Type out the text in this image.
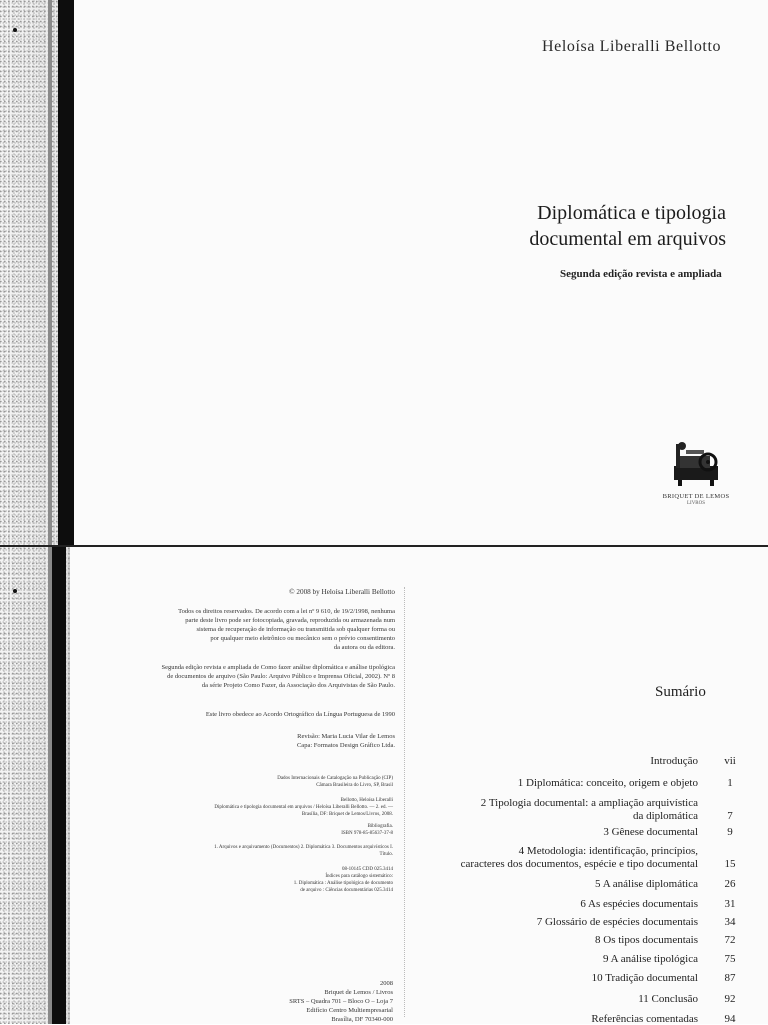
Heloísa Liberalli Bellotto
Diplomática e tipologia
documental em arquivos
Segunda edição revista e ampliada
BRIQUET DE LEMOS
LIVROS
© 2008 by Heloísa Liberalli Bellotto
Todos os direitos reservados. De acordo com a lei nº 9 610, de 19/2/1998, nenhuma
parte deste livro pode ser fotocopiada, gravada, reproduzida ou armazenada num
sistema de recuperação de informação ou transmitida sob qualquer forma ou
por qualquer meio eletrônico ou mecânico sem o prévio consentimento
da autora ou da editora.
Segunda edição revista e ampliada de Como fazer análise diplomática e análise tipológica
de documentos de arquivo (São Paulo: Arquivo Público e Imprensa Oficial, 2002). Nº 8
da série Projeto Como Fazer, da Associação dos Arquivistas de São Paulo.
Este livro obedece ao Acordo Ortográfico da Língua Portuguesa de 1990
Revisão: Maria Lucia Vilar de Lemos
Capa: Formatos Design Gráfico Ltda.
Dados Internacionais de Catalogação na Publicação (CIP)
Câmara Brasileira do Livro, SP, Brasil
Bellotto, Heloísa Liberalli
Diplomática e tipologia documental em arquivos / Heloísa Liberalli Bellotto. — 2. ed. —
Brasília, DF: Briquet de Lemos/Livros, 2008.
Bibliografia.
ISBN 978-85-85637-37-8
1. Arquivos e arquivamento (Documentos) 2. Diplomática 3. Documentos arquivísticos I.
Título.
08-10145 CDD 025.3414
Índices para catálogo sistemático:
1. Diplomática : Análise tipológica de documento
de arquivo : Ciências documentárias 025.3414
2008
Briquet de Lemos / Livros
SRTS – Quadra 701 – Bloco O – Loja 7
Edifício Centro Multiempresarial
Brasília, DF 70340-000
Sumário
Introdução	vii
1 Diplomática: conceito, origem e objeto	1
2 Tipologia documental: a ampliação arquivística
da diplomática	7
3 Gênese documental	9
4 Metodologia: identificação, princípios,
caracteres dos documentos, espécie e tipo documental	15
5 A análise diplomática	26
6 As espécies documentais	31
7 Glossário de espécies documentais	34
8 Os tipos documentais	72
9 A análise tipológica	75
10 Tradição documental	87
11 Conclusão	92
Referências comentadas	94
